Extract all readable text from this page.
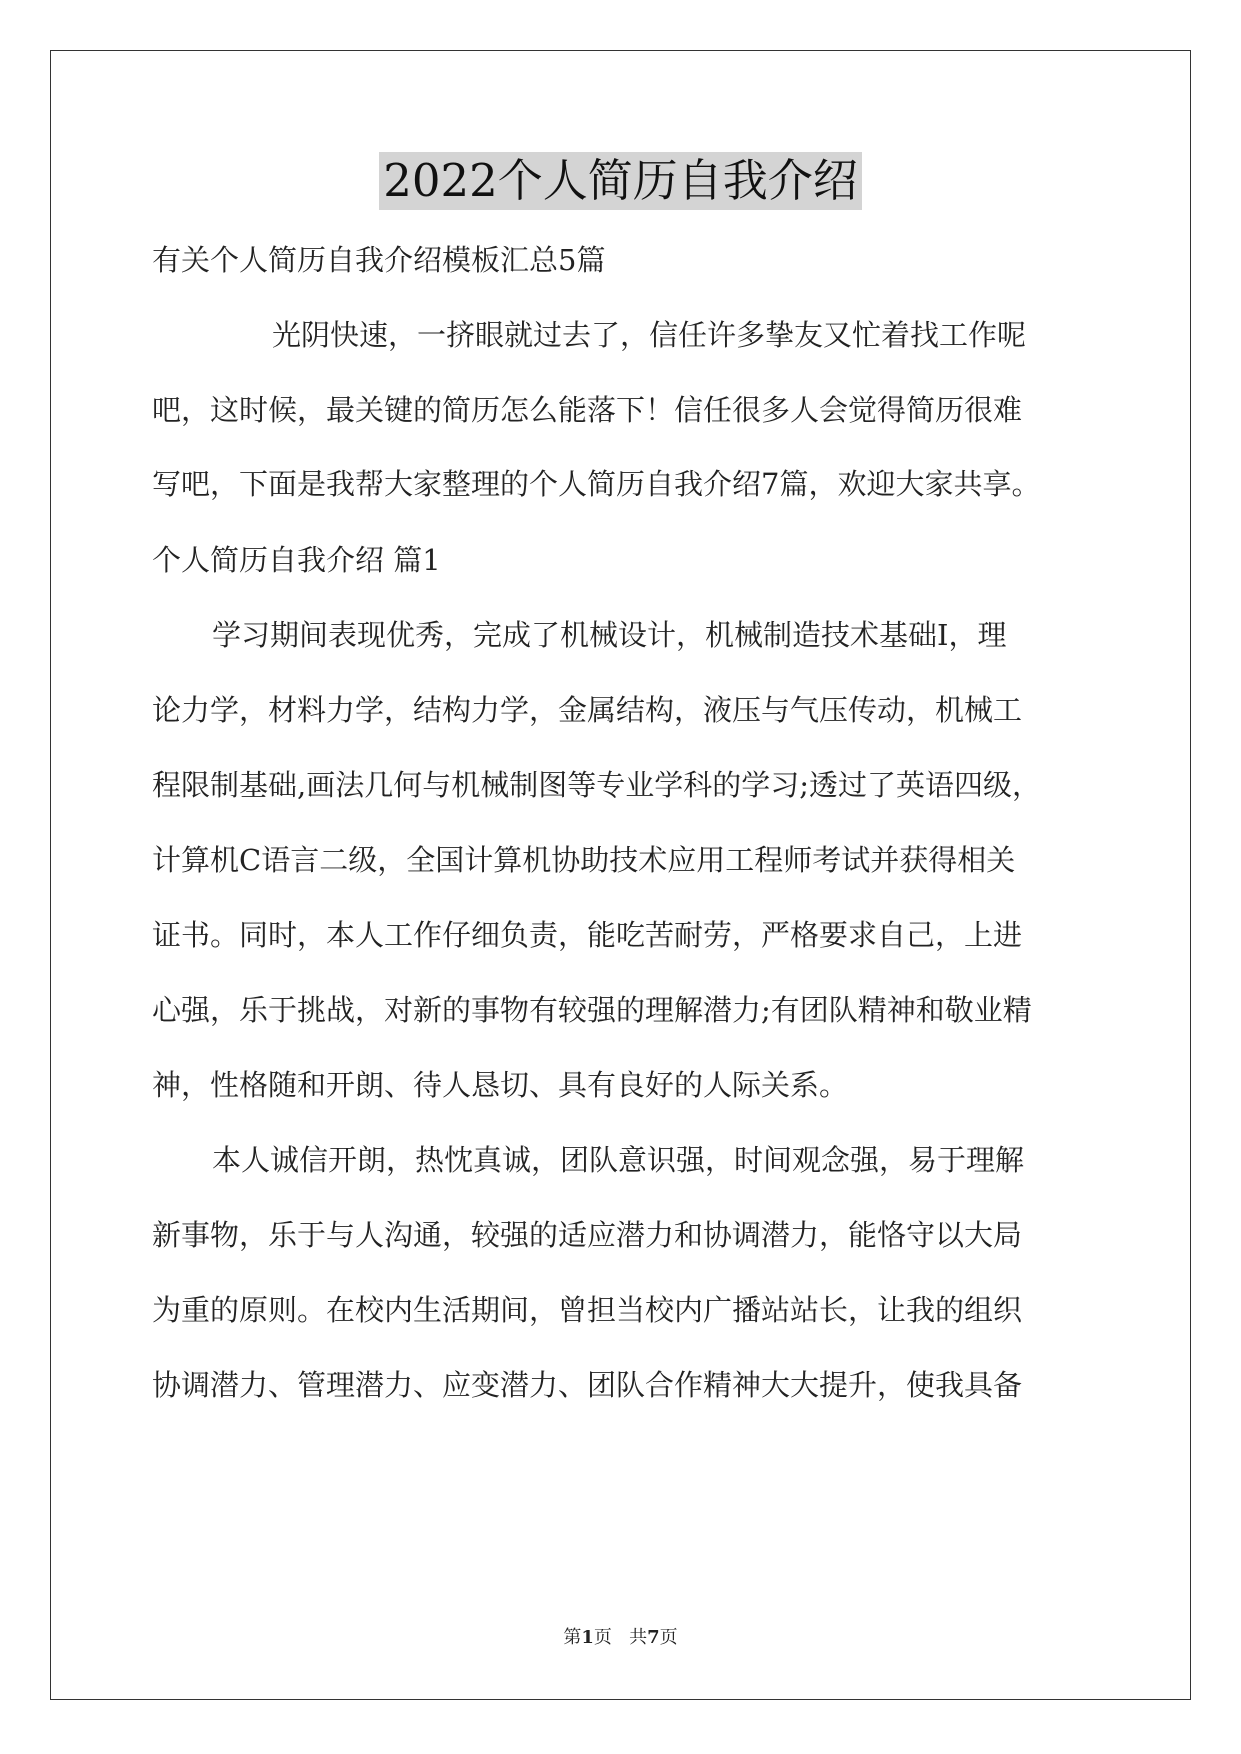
2022个人简历自我介绍
有关个人简历自我介绍模板汇总5篇
光阴快速，一挤眼就过去了，信任许多挚友又忙着找工作呢
吧，这时候，最关键的简历怎么能落下！信任很多人会觉得简历很难
写吧，下面是我帮大家整理的个人简历自我介绍7篇，欢迎大家共享。
个人简历自我介绍 篇1
学习期间表现优秀，完成了机械设计，机械制造技术基础Ⅰ，理
论力学，材料力学，结构力学，金属结构，液压与气压传动，机械工
程限制基础,画法几何与机械制图等专业学科的学习;透过了英语四级，
计算机C语言二级，全国计算机协助技术应用工程师考试并获得相关
证书。同时，本人工作仔细负责，能吃苦耐劳，严格要求自己，上进
心强，乐于挑战，对新的事物有较强的理解潜力;有团队精神和敬业精
神，性格随和开朗、待人恳切、具有良好的人际关系。
本人诚信开朗，热忱真诚，团队意识强，时间观念强，易于理解
新事物，乐于与人沟通，较强的适应潜力和协调潜力，能恪守以大局
为重的原则。在校内生活期间，曾担当校内广播站站长，让我的组织
协调潜力、管理潜力、应变潜力、团队合作精神大大提升，使我具备
第1页   共7页
